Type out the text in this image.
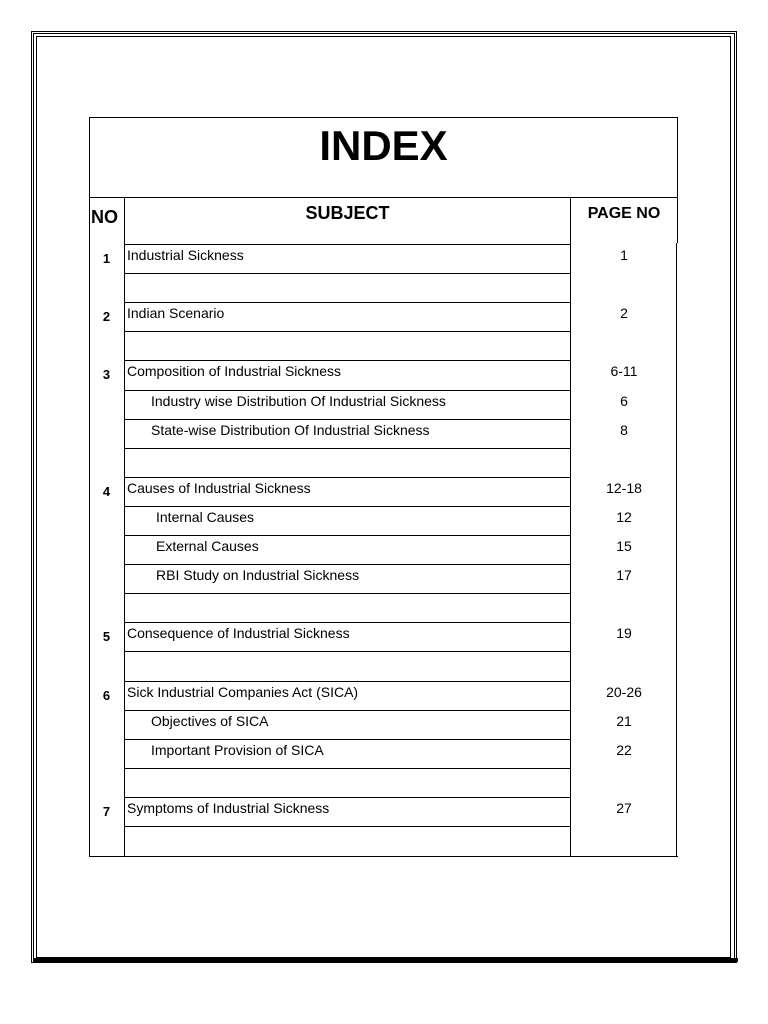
INDEX
NO	SUBJECT	PAGE NO
1	Industrial Sickness	1
2	Indian Scenario	2
3	Composition of Industrial Sickness	6-11
Industry wise Distribution Of Industrial Sickness	6
State-wise Distribution Of Industrial Sickness	8
4	Causes of Industrial Sickness	12-18
Internal Causes	12
External Causes	15
RBI Study on Industrial Sickness	17
5	Consequence of Industrial Sickness	19
6	Sick Industrial Companies Act (SICA)	20-26
Objectives of SICA	21
Important Provision of SICA	22
7	Symptoms of Industrial Sickness	27
